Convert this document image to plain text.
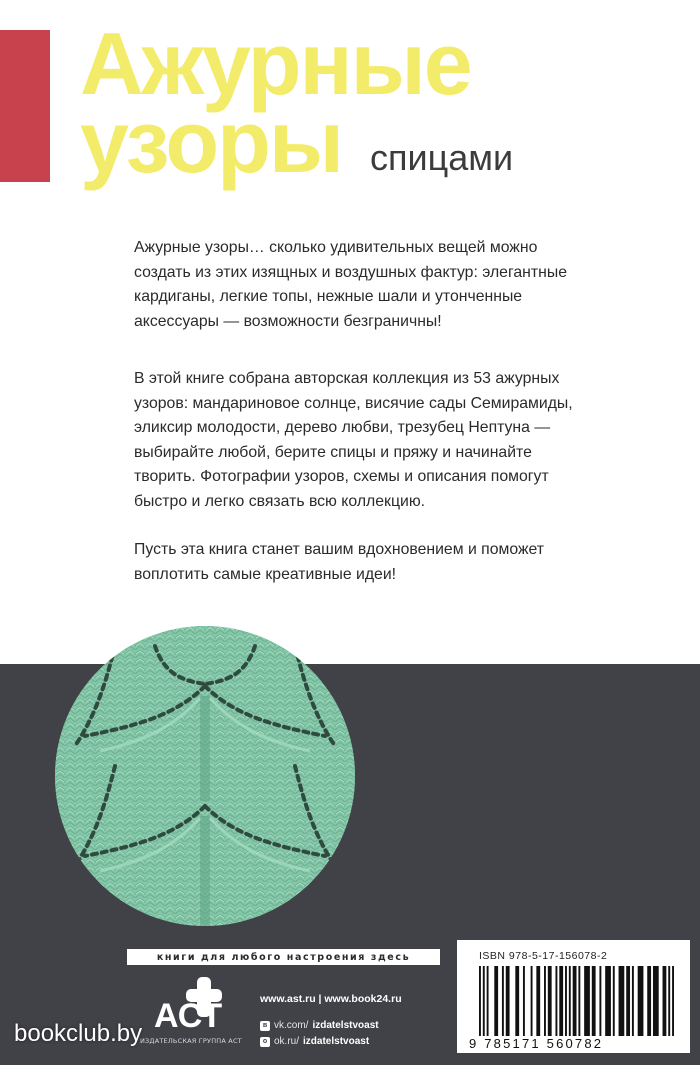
Ажурные
узоры спицами
Ажурные узоры… сколько удивительных вещей можно
создать из этих изящных и воздушных фактур: элегантные
кардиганы, легкие топы, нежные шали и утонченные
аксессуары — возможности безграничны!
В этой книге собрана авторская коллекция из 53 ажурных
узоров: мандариновое солнце, висячие сады Семирамиды,
эликсир молодости, дерево любви, трезубец Нептуна —
выбирайте любой, берите спицы и пряжу и начинайте
творить. Фотографии узоров, схемы и описания помогут
быстро и легко связать всю коллекцию.
Пусть эта книга станет вашим вдохновением и поможет
воплотить самые креативные идеи!
книги для любого настроения здесь
АСТ
ИЗДАТЕЛЬСКАЯ ГРУППА АСТ
www.ast.ru | www.book24.ru
в vk.com/ izdatelstvoast
о ok.ru/ izdatelstvoast
ISBN 978-5-17-156078-2
9 785171 560782
bookclub.by
